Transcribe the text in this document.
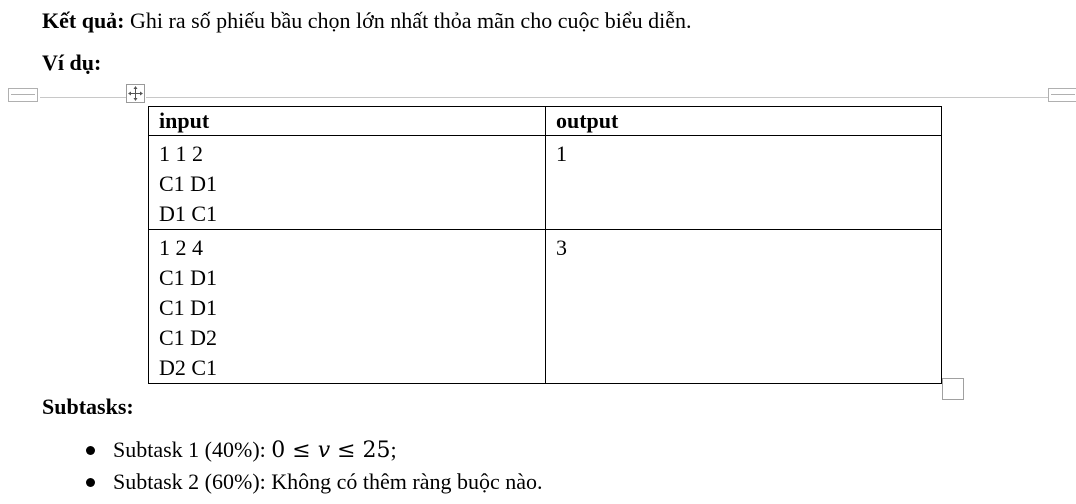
Kết quả: Ghi ra số phiếu bầu chọn lớn nhất thỏa mãn cho cuộc biểu diễn.
Ví dụ:
input	output

1 1 2
C1 D1
D1 C1	1

1 2 4
C1 D1
C1 D1
C1 D2
D2 C1	3
Subtasks:
Subtask 1 (40%): 0 ≤ v ≤ 25;
Subtask 2 (60%): Không có thêm ràng buộc nào.
